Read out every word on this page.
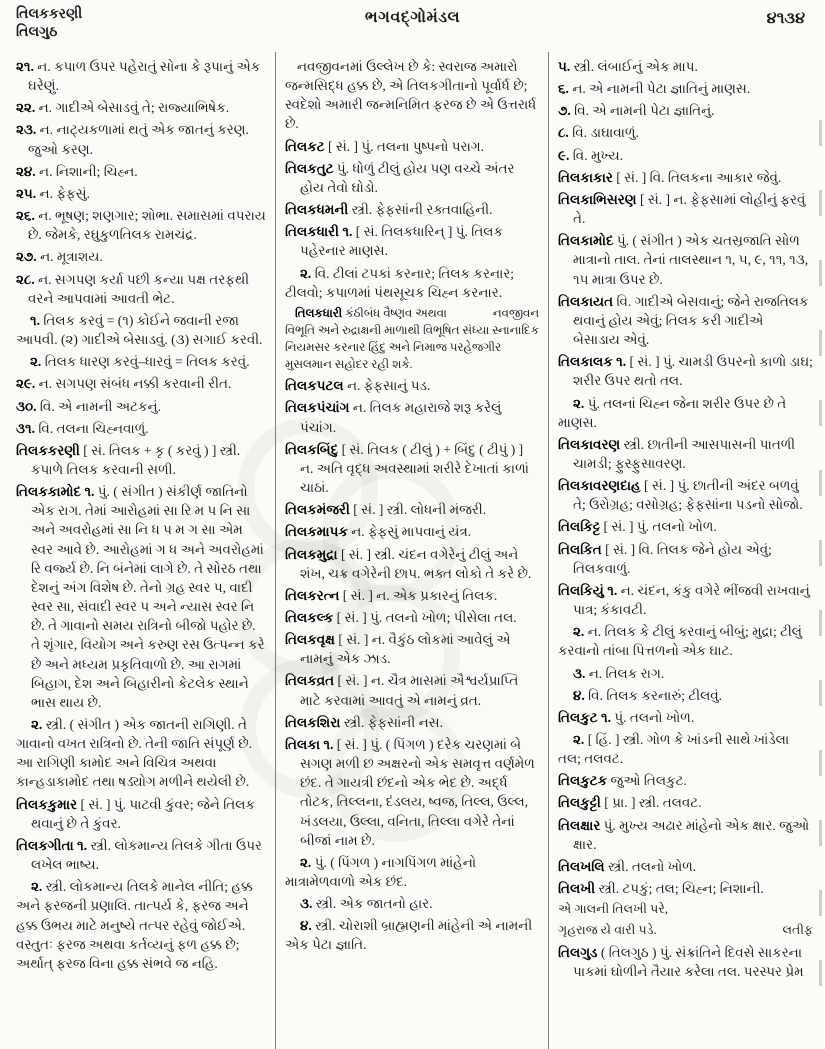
તિલકકરણી
તિલગુઠ
ભગવદ્ગોમંડલ	૪૧૩૪

૨૧. ન. કપાળ ઉપર પહેરાતું સોના કે રૂપાનું એક ઘરેણું.

૨૨. ન. ગાદીએ બેસાડવું તે; રાજ્યાભિષેક.

૨૩. ન. નાટ્યકળામાં થતું એક જાતનું કરણ. જુઓ કરણ.

૨૪. ન. નિશાની; ચિહ્ન.

૨૫. ન. ફેફસું.

૨૬. ન. ભૂષણ; શણગાર; શોભા. સમાસમાં વપરાય છે. જેમકે, રઘુકુળતિલક રામચંદ્ર.

૨૭. ન. મૂત્રાશય.

૨૮. ન. સગપણ કર્યા પછી કન્યા પક્ષ તરફથી વરને આપવામાં આવતી ભેટ.

૧. તિલક કરવું = (૧) કોઈને જવાની રજા આપવી. (૨) ગાદીએ બેસાડવું. (૩) સગાઈ કરવી.

૨. તિલક ધારણ કરવું–ધારવું = તિલક કરવું.

૨૯. ન. સગપણ સંબંધ નક્કી કરવાની રીત.

૩૦. વિ. એ નામની અટકનું.

૩૧. વિ. તલના ચિહ્નવાળું.

તિલકકરણી [ સં. તિલક + કૃ ( કરવું ) ] સ્ત્રી. કપાળે તિલક કરવાની સળી.

તિલકકામોદ ૧. પું. ( સંગીત ) સંકીર્ણ જાતિનો એક રાગ. તેમાં આરોહમાં સા રિ મ પ નિ સા અને અવરોહમાં સા નિ ધ પ મ ગ સા એમ સ્વર આવે છે. આરોહમાં ગ ધ અને અવરોહમાં રિ વર્જ્ય છે. નિ બંનેમાં લાગે છે. તે સોરઠ તથા દેશનું અંગ વિશેષ છે. તેનો ગ્રહ સ્વર પ, વાદી સ્વર સા, સંવાદી સ્વર પ અને ન્યાસ સ્વર નિ છે. તે ગાવાનો સમય રાત્રિનો બીજો પહોર છે. તે શૃંગાર, વિયોગ અને કરુણ રસ ઉત્પન્ન કરે છે અને મધ્યમ પ્રકૃતિવાળો છે. આ રાગમાં બિહાગ, દેશ અને બિહારીનો કેટલેક સ્થાને ભાસ થાય છે.

૨. સ્ત્રી. ( સંગીત ) એક જાતની રાગિણી. તે ગાવાનો વખત રાત્રિનો છે. તેની જાતિ સંપૂર્ણ છે. આ રાગિણી કામોદ અને વિચિત્ર અથવા કાન્હડાકામોદ તથા ષડ્યોગ મળીને થયેલી છે.

તિલકકુમાર [ સં. ] પું. પાટવી કુંવર; જેને તિલક થવાનું છે તે કુંવર.

તિલકગીતા ૧. સ્ત્રી. લોકમાન્ય તિલકે ગીતા ઉપર લખેલ ભાષ્ય.

૨. સ્ત્રી. લોકમાન્ય તિલકે માનેલ નીતિ; હક્ક અને ફરજની પ્રણાલિ. તાત્પર્ય કે, ફરજ અને હક્ક ઉભય માટે મનુષ્યે તત્પર રહેવું જોઈએ. વસ્તુતઃ ફરજ અથવા કર્તવ્યનું ફળ હક્ક છે; અર્થાત્ ફરજ વિના હક્ક સંભવે જ નહિ.

નવજીવનમાં ઉલ્લેખ છે કે: સ્વરાજ અમારો જન્મસિદ્ધ હક્ક છે, એ તિલકગીતાનો પૂર્વાર્ધ છે; સ્વદેશો અમારી જન્મનિમિત ફરજ છે એ ઉત્તરાર્ધ છે.

તિલકટ [ સં. ] પું. તલના પુષ્પનો પરાગ.

તિલકતુટ પું. ધોળું ટીલું હોય પણ વચ્ચે અંતર હોય તેવો ઘોડો.

તિલકધમની સ્ત્રી. ફેફસાંની રક્તવાહિની.

તિલકધારી ૧. [ સં. તિલકધારિન્ ] પું. તિલક પહેરનાર માણસ.

૨. વિ. ટીલાં ટપકાં કરનાર; તિલક કરનાર; ટીલવો; કપાળમાં પંથસૂચક ચિહ્ન કરનાર.

તિલકધારી	નવજીવન
કંઠીબંધ વૈષ્ણવ અથવા વિભૂતિ અને રુદ્રાક્ષની માળાથી વિભૂષિત સંધ્યા સ્નાનાદિક નિયમસર કરનાર હિંદુ અને નિમાજ પરહેજગીર મુસલમાન સહોદર રહી શકે.

તિલકપટલ ન. ફેફસાનું પડ.

તિલકપંચાંગ ન. તિલક મહારાજે શરૂ કરેલું પંચાંગ.

તિલકબિંદુ [ સં. તિલક ( ટીલું ) + બિંદુ ( ટીપું ) ] ન. અતિ વૃદ્ધ અવસ્થામાં શરીરે દેખાતાં કાળાં ચાઠાં.

તિલકમંજરી [ સં. ] સ્ત્રી. લોધની મંજરી.

તિલકમાપક ન. ફેફસું માપવાનું યંત્ર.

તિલકમુદ્રા [ સં. ] સ્ત્રી. ચંદન વગેરેનું ટીલું અને શંખ, ચક્ર વગેરેની છાપ. ભક્ત લોકો તે કરે છે.

તિલકરત્ન [ સં. ] ન. એક પ્રકારનું તિલક.

તિલકલ્ક [ સં. ] પું. તલનો ખોળ; પીસેલા તલ.

તિલકવૃક્ષ [ સં. ] ન. વૈકુંઠ લોકમાં આવેલું એ નામનું એક ઝાડ.

તિલકવ્રત [ સં. ] ન. ચૈત્ર માસમાં ઐશ્વર્યપ્રાપ્તિ માટે કરવામાં આવતું એ નામનું વ્રત.

તિલકશિરા સ્ત્રી. ફેફસાંની નસ.

તિલકા ૧. [ સં. ] પું. ( પિંગળ ) દરેક ચરણમાં બે સગણ મળી છ અક્ષરનો એક સમવૃત્ત વર્ણમેળ છંદ. તે ગાયત્રી છંદનો એક ભેદ છે. અર્દ્ધ તોટક, તિલ્લના, દંડલય, ષ્વજ, તિલ્લ, ઉલ્લ, ખંડલયા, ઉલ્લા, વનિતા, તિલ્લા વગેરે તેનાં બીજાં નામ છે.

૨. પું. ( પિંગળ ) નાગપિંગળ માંહેનો માત્રામેળવાળો એક છંદ.

૩. સ્ત્રી. એક જાતનો હાર.

૪. સ્ત્રી. ચોરાશી બ્રાહ્મણની માંહેની એ નામની એક પેટા જ્ઞાતિ.

૫. સ્ત્રી. લંબાઈનું એક માપ.

૬. ન. એ નામની પેટા જ્ઞાતિનું માણસ.

૭. વિ. એ નામની પેટા જ્ઞાતિનું.

૮. વિ. ડાઘાવાળું.

૯. વિ. મુખ્ય.

તિલકાકાર [ સં. ] વિ. તિલકના આકાર જેવું.

તિલકાભિસરણ [ સં. ] ન. ફેફસામાં લોહીનું ફરવું તે.

તિલકામોદ પું. ( સંગીત ) એક ચતસ્રજાતિ સોળ માત્રાનો તાલ. તેનાં તાલસ્થાન ૧, ૫, ૯, ૧૧, ૧૩, ૧૫ માત્રા ઉપર છે.

તિલકાયત વિ. ગાદીએ બેસવાનું; જેને રાજતિલક થવાનું હોય એવું; તિલક કરી ગાદીએ બેસાડાય એવું.

તિલકાલક ૧. [ સં. ] પું. ચામડી ઉપરનો કાળો ડાઘ; શરીર ઉપર થતો તલ.

૨. પું. તલનાં ચિહ્ન જેના શરીર ઉપર છે તે માણસ.

તિલકાવરણ સ્ત્રી. છાતીની આસપાસની પાતળી ચામડી; ફુસ્ફુસાવરણ.

તિલકાવરણદાહ [ સં. ] પું. છાતીની અંદર બળવું તે; ઉરોગ્રહ; વસોગ્રહ; ફેફસાંના પડનો સોજો.

તિલકિટ્ટ [ સં. ] પું. તલનો ખોળ.

તિલકિત [ સં. ] વિ. તિલક જેને હોય એવું; તિલકવાળું.

તિલકિયું ૧. ન. ચંદન, કંકુ વગેરે ભીંજવી રાખવાનું પાત્ર; કંકાવટી.

૨. ન. તિલક કે ટીલું કરવાનું બીબું; મુદ્રા; ટીલું કરવાનો તાંબા પિત્તળનો એક ઘાટ.

૩. ન. તિલક રાગ.

૪. વિ. તિલક કરનારું; ટીલવું.

તિલકુટ ૧. પું. તલનો ખોળ.

૨. [ હિં. ] સ્ત્રી. ગોળ કે ખાંડની સાથે ખાંડેલા તલ; તલવટ.

તિલકુટક જુઓ તિલકુટ.

તિલકુટ્ટી [ પ્રા. ] સ્ત્રી. તલવટ.

તિલક્ષાર પું. મુખ્ય અઢાર માંહેનો એક ક્ષાર. જુઓ ક્ષાર.

તિલખલિ સ્ત્રી. તલનો ખોળ.

તિલખી સ્ત્રી. ટપકું; તલ; ચિહ્ન; નિશાની.

એ ગાલની તિલખી પરે,

લતીફ
ગૃહરાજ યે વારી પડે.

તિલગુડ ( તિલગુઠ ) પું. સંક્રાંતિને દિવસે સાકરના પાકમાં ઘોળીને તૈયાર કરેલા તલ. પરસ્પર પ્રેમ
